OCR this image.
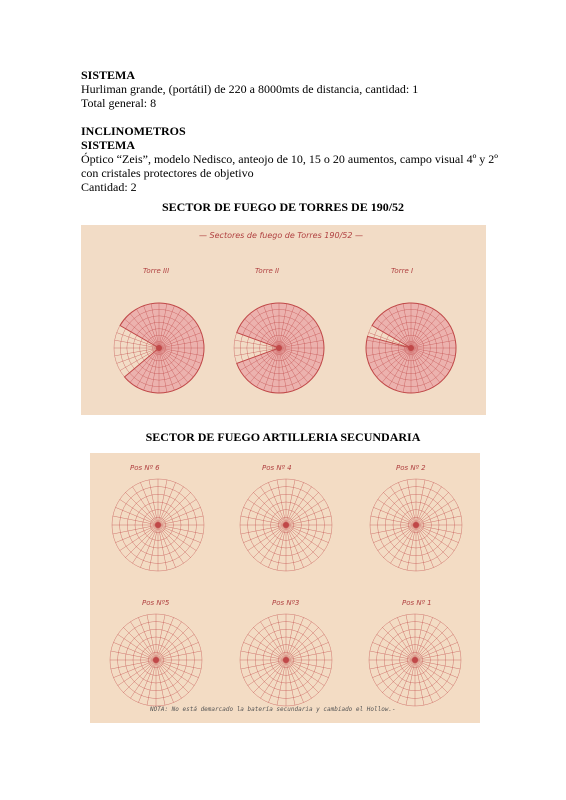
SISTEMA
Hurliman grande, (portátil) de 220 a 8000mts de distancia, cantidad: 1
Total general: 8
INCLINOMETROS
SISTEMA
Óptico “Zeis”, modelo Nedisco, anteojo de 10, 15 o 20 aumentos, campo visual 4º y 2º
con cristales protectores de objetivo
Cantidad: 2
SECTOR DE FUEGO DE TORRES DE 190/52
— Sectores de fuego de Torres 190/52 —
Torre III	Torre II	Torre I
SECTOR DE FUEGO ARTILLERIA SECUNDARIA
Pos Nº 6	Pos Nº 4	Pos Nº 2
Pos Nº5	Pos Nº3	Pos Nº 1
NOTA: No está demarcado la batería secundaria y cambiado el Hollow.-
